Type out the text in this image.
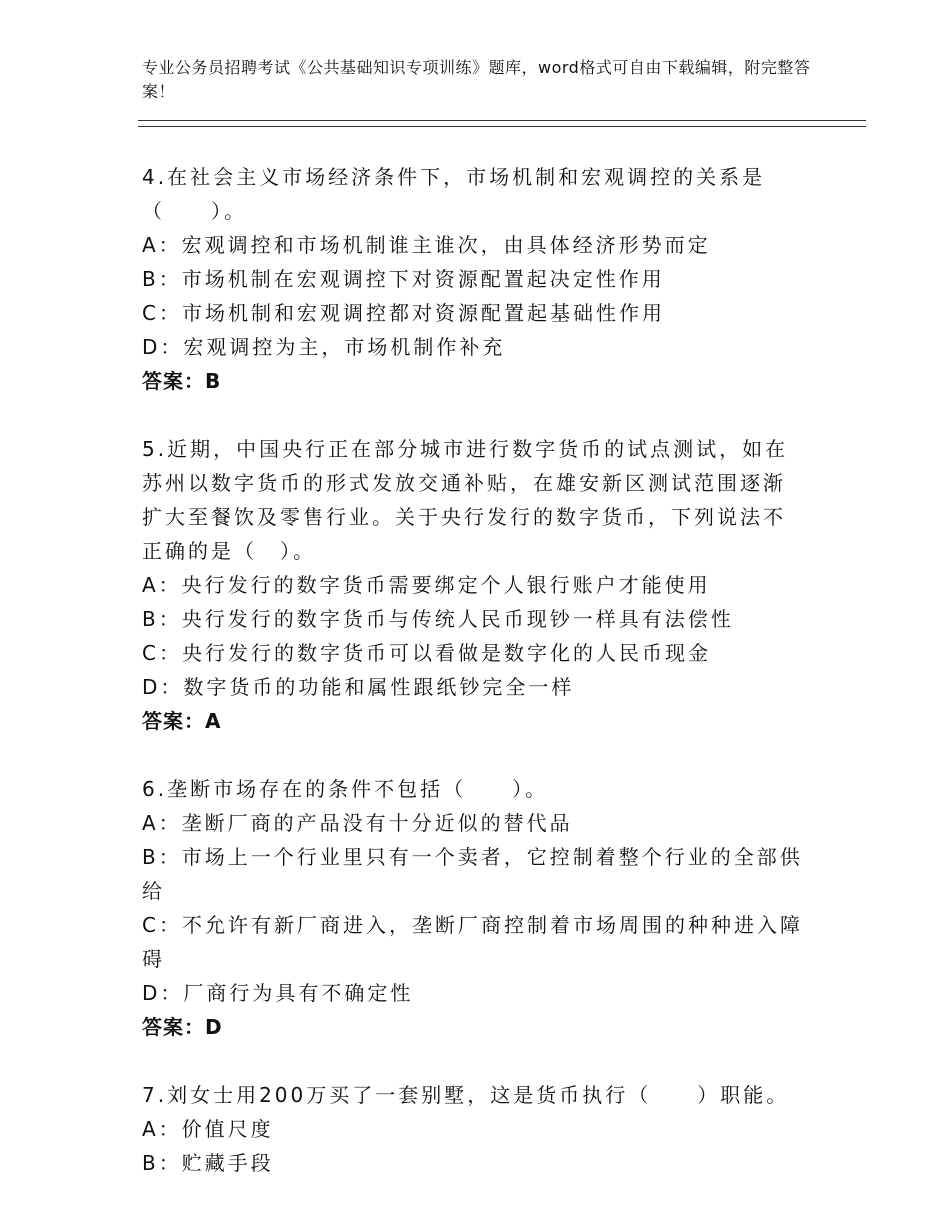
专业公务员招聘考试《公共基础知识专项训练》题库，word格式可自由下载编辑，附完整答案！
4.在社会主义市场经济条件下，市场机制和宏观调控的关系是（　　）。
A：宏观调控和市场机制谁主谁次，由具体经济形势而定
B：市场机制在宏观调控下对资源配置起决定性作用
C：市场机制和宏观调控都对资源配置起基础性作用
D：宏观调控为主，市场机制作补充
答案：B
5.近期，中国央行正在部分城市进行数字货币的试点测试，如在苏州以数字货币的形式发放交通补贴，在雄安新区测试范围逐渐扩大至餐饮及零售行业。关于央行发行的数字货币，下列说法不正确的是（　）。
A：央行发行的数字货币需要绑定个人银行账户才能使用
B：央行发行的数字货币与传统人民币现钞一样具有法偿性
C：央行发行的数字货币可以看做是数字化的人民币现金
D：数字货币的功能和属性跟纸钞完全一样
答案：A
6.垄断市场存在的条件不包括（　　）。
A：垄断厂商的产品没有十分近似的替代品
B：市场上一个行业里只有一个卖者，它控制着整个行业的全部供给
C：不允许有新厂商进入，垄断厂商控制着市场周围的种种进入障碍
D：厂商行为具有不确定性
答案：D
7.刘女士用200万买了一套别墅，这是货币执行（　　）职能。
A：价值尺度
B：贮藏手段
